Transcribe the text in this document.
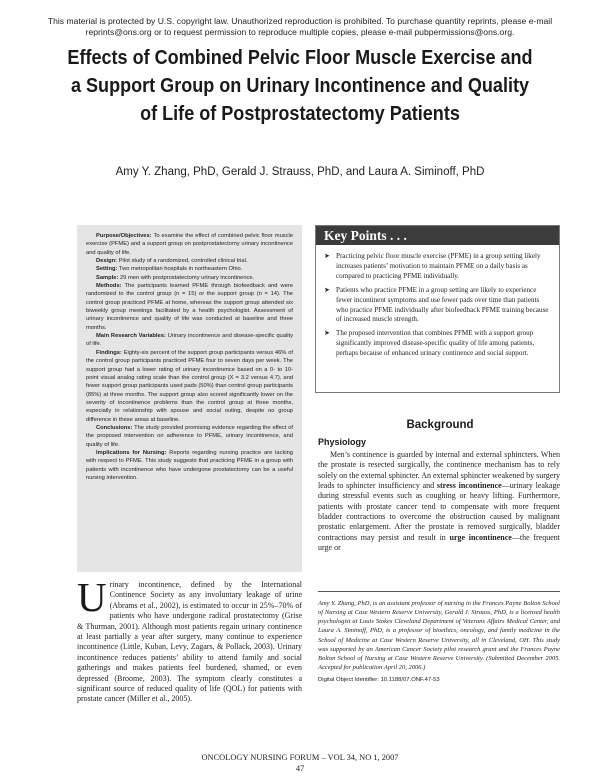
This material is protected by U.S. copyright law. Unauthorized reproduction is prohibited. To purchase quantity reprints, please e-mail reprints@ons.org or to request permission to reproduce multiple copies, please e-mail pubpermissions@ons.org.
Effects of Combined Pelvic Floor Muscle Exercise and a Support Group on Urinary Incontinence and Quality of Life of Postprostatectomy Patients
Amy Y. Zhang, PhD, Gerald J. Strauss, PhD, and Laura A. Siminoff, PhD

Purpose/Objectives: To examine the effect of combined pelvic floor muscle exercise (PFME) and a support group on postprostatectomy urinary incontinence and quality of life.

Design: Pilot study of a randomized, controlled clinical trial.

Setting: Two metropolitan hospitals in northeastern Ohio.

Sample: 29 men with postprostatectomy urinary incontinence.

Methods: The participants learned PFME through biofeedback and were randomized to the control group (n = 15) or the support group (n = 14). The control group practiced PFME at home, whereas the support group attended six biweekly group meetings facilitated by a health psychologist. Assessment of urinary incontinence and quality of life was conducted at baseline and three months.

Main Research Variables: Urinary incontinence and disease-specific quality of life.

Findings: Eighty-six percent of the support group participants versus 46% of the control group participants practiced PFME four to seven days per week. The support group had a lower rating of urinary incontinence based on a 0- to 10-point visual analog rating scale than the control group (X = 3.2 versus 4.7), and fewer support group participants used pads (50%) than control group participants (85%) at three months. The support group also scored significantly lower on the severity of incontinence problems than the control group at three months, especially in relationship with spouse and social outing, despite no group difference in these areas at baseline.

Conclusions: The study provided promising evidence regarding the effect of the proposed intervention on adherence to PFME, urinary incontinence, and quality of life.

Implications for Nursing: Reports regarding nursing practice are lacking with respect to PFME. This study suggests that practicing PFME in a group with patients with incontinence who have undergone prostatectomy can be a useful nursing intervention.

Key Points . . .
➤ Practicing pelvic floor muscle exercise (PFME) in a group setting likely increases patients’ motivation to maintain PFME on a daily basis as compared to practicing PFME individually.
➤ Patients who practice PFME in a group setting are likely to experience fewer incontinent symptoms and use fewer pads over time than patients who practice PFME individually after biofeedback PFME training because of increased muscle strength.
➤ The proposed intervention that combines PFME with a support group significantly improved disease-specific quality of life among patients, perhaps because of enhanced urinary continence and social support.
Background
Physiology

Men’s continence is guarded by internal and external sphincters. When the prostate is resected surgically, the continence mechanism has to rely solely on the external sphincter. An external sphincter weakened by surgery leads to sphincter insufficiency and stress incontinence—urinary leakage during stressful events such as coughing or heavy lifting. Furthermore, patients with prostate cancer tend to compensate with more frequent bladder contractions to overcome the obstruction caused by malignant prostatic enlargement. After the prostate is removed surgically, bladder contractions may persist and result in urge incontinence—the frequent urge or

Urinary incontinence, defined by the International Continence Society as any involuntary leakage of urine (Abrams et al., 2002), is estimated to occur in 25%–70% of patients who have undergone radical prostatectomy (Grise & Thurman, 2001). Although most patients regain urinary continence at least partially a year after surgery, many continue to experience incontinence (Little, Kuban, Levy, Zagars, & Pollack, 2003). Urinary incontinence reduces patients’ ability to attend family and social gatherings and makes patients feel burdened, shamed, or even depressed (Broome, 2003). The symptom clearly constitutes a significant source of reduced quality of life (QOL) for patients with prostate cancer (Miller et al., 2005).

Amy Y. Zhang, PhD, is an assistant professor of nursing in the Frances Payne Bolton School of Nursing at Case Western Reserve University, Gerald J. Strauss, PhD, is a licensed health psychologist at Louis Stokes Cleveland Department of Veterans Affairs Medical Center, and Laura A. Siminoff, PhD, is a professor of bioethics, oncology, and family medicine in the School of Medicine at Case Western Reserve University, all in Cleveland, OH. This study was supported by an American Cancer Society pilot research grant and the Frances Payne Bolton School of Nursing at Case Western Reserve University. (Submitted December 2005. Accepted for publication April 20, 2006.)

Digital Object Identifier: 10.1188/07.ONF.47-53

ONCOLOGY NURSING FORUM – VOL 34, NO 1, 2007
47
